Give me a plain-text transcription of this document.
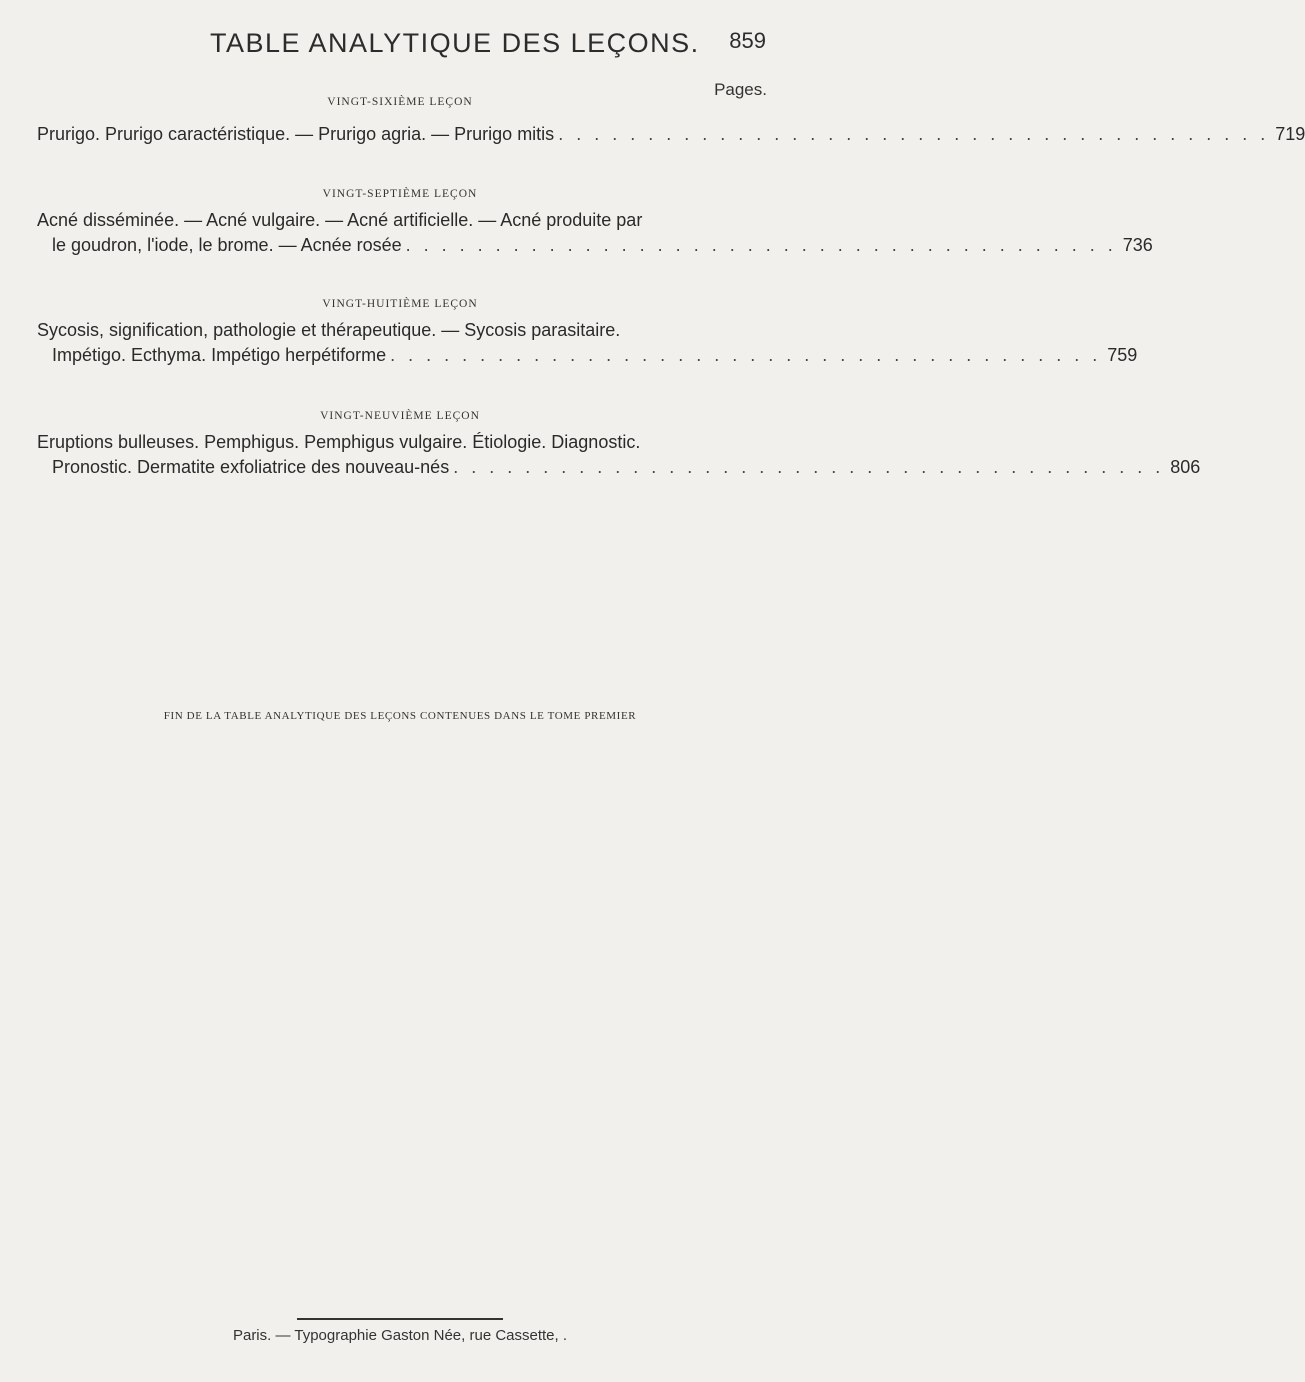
TABLE ANALYTIQUE DES LEÇONS. 859
Pages.
VINGT-SIXIÈME LEÇON
Prurigo. Prurigo caractéristique. — Prurigo agria. — Prurigo mitis . . . . . . . . . . . . . . . . . . . . . . . . . . . . . . . . . . . . . . . . 719
VINGT-SEPTIÈME LEÇON
Acné disséminée. — Acné vulgaire. — Acné artificielle. — Acné produite par
le goudron, l'iode, le brome. — Acnée rosée . . . . . . . . . . . . . . . . . . . . . . . . . . . . . . . . . . . . . . . . 736
VINGT-HUITIÈME LEÇON
Sycosis, signification, pathologie et thérapeutique. — Sycosis parasitaire.
Impétigo. Ecthyma. Impétigo herpétiforme . . . . . . . . . . . . . . . . . . . . . . . . . . . . . . . . . . . . . . . . 759
VINGT-NEUVIÈME LEÇON
Eruptions bulleuses. Pemphigus. Pemphigus vulgaire. Étiologie. Diagnostic.
Pronostic. Dermatite exfoliatrice des nouveau-nés . . . . . . . . . . . . . . . . . . . . . . . . . . . . . . . . . . . . . . . . 806
FIN DE LA TABLE ANALYTIQUE DES LEÇONS CONTENUES DANS LE TOME PREMIER
Paris. — Typographie Gaston Née, rue Cassette, .
